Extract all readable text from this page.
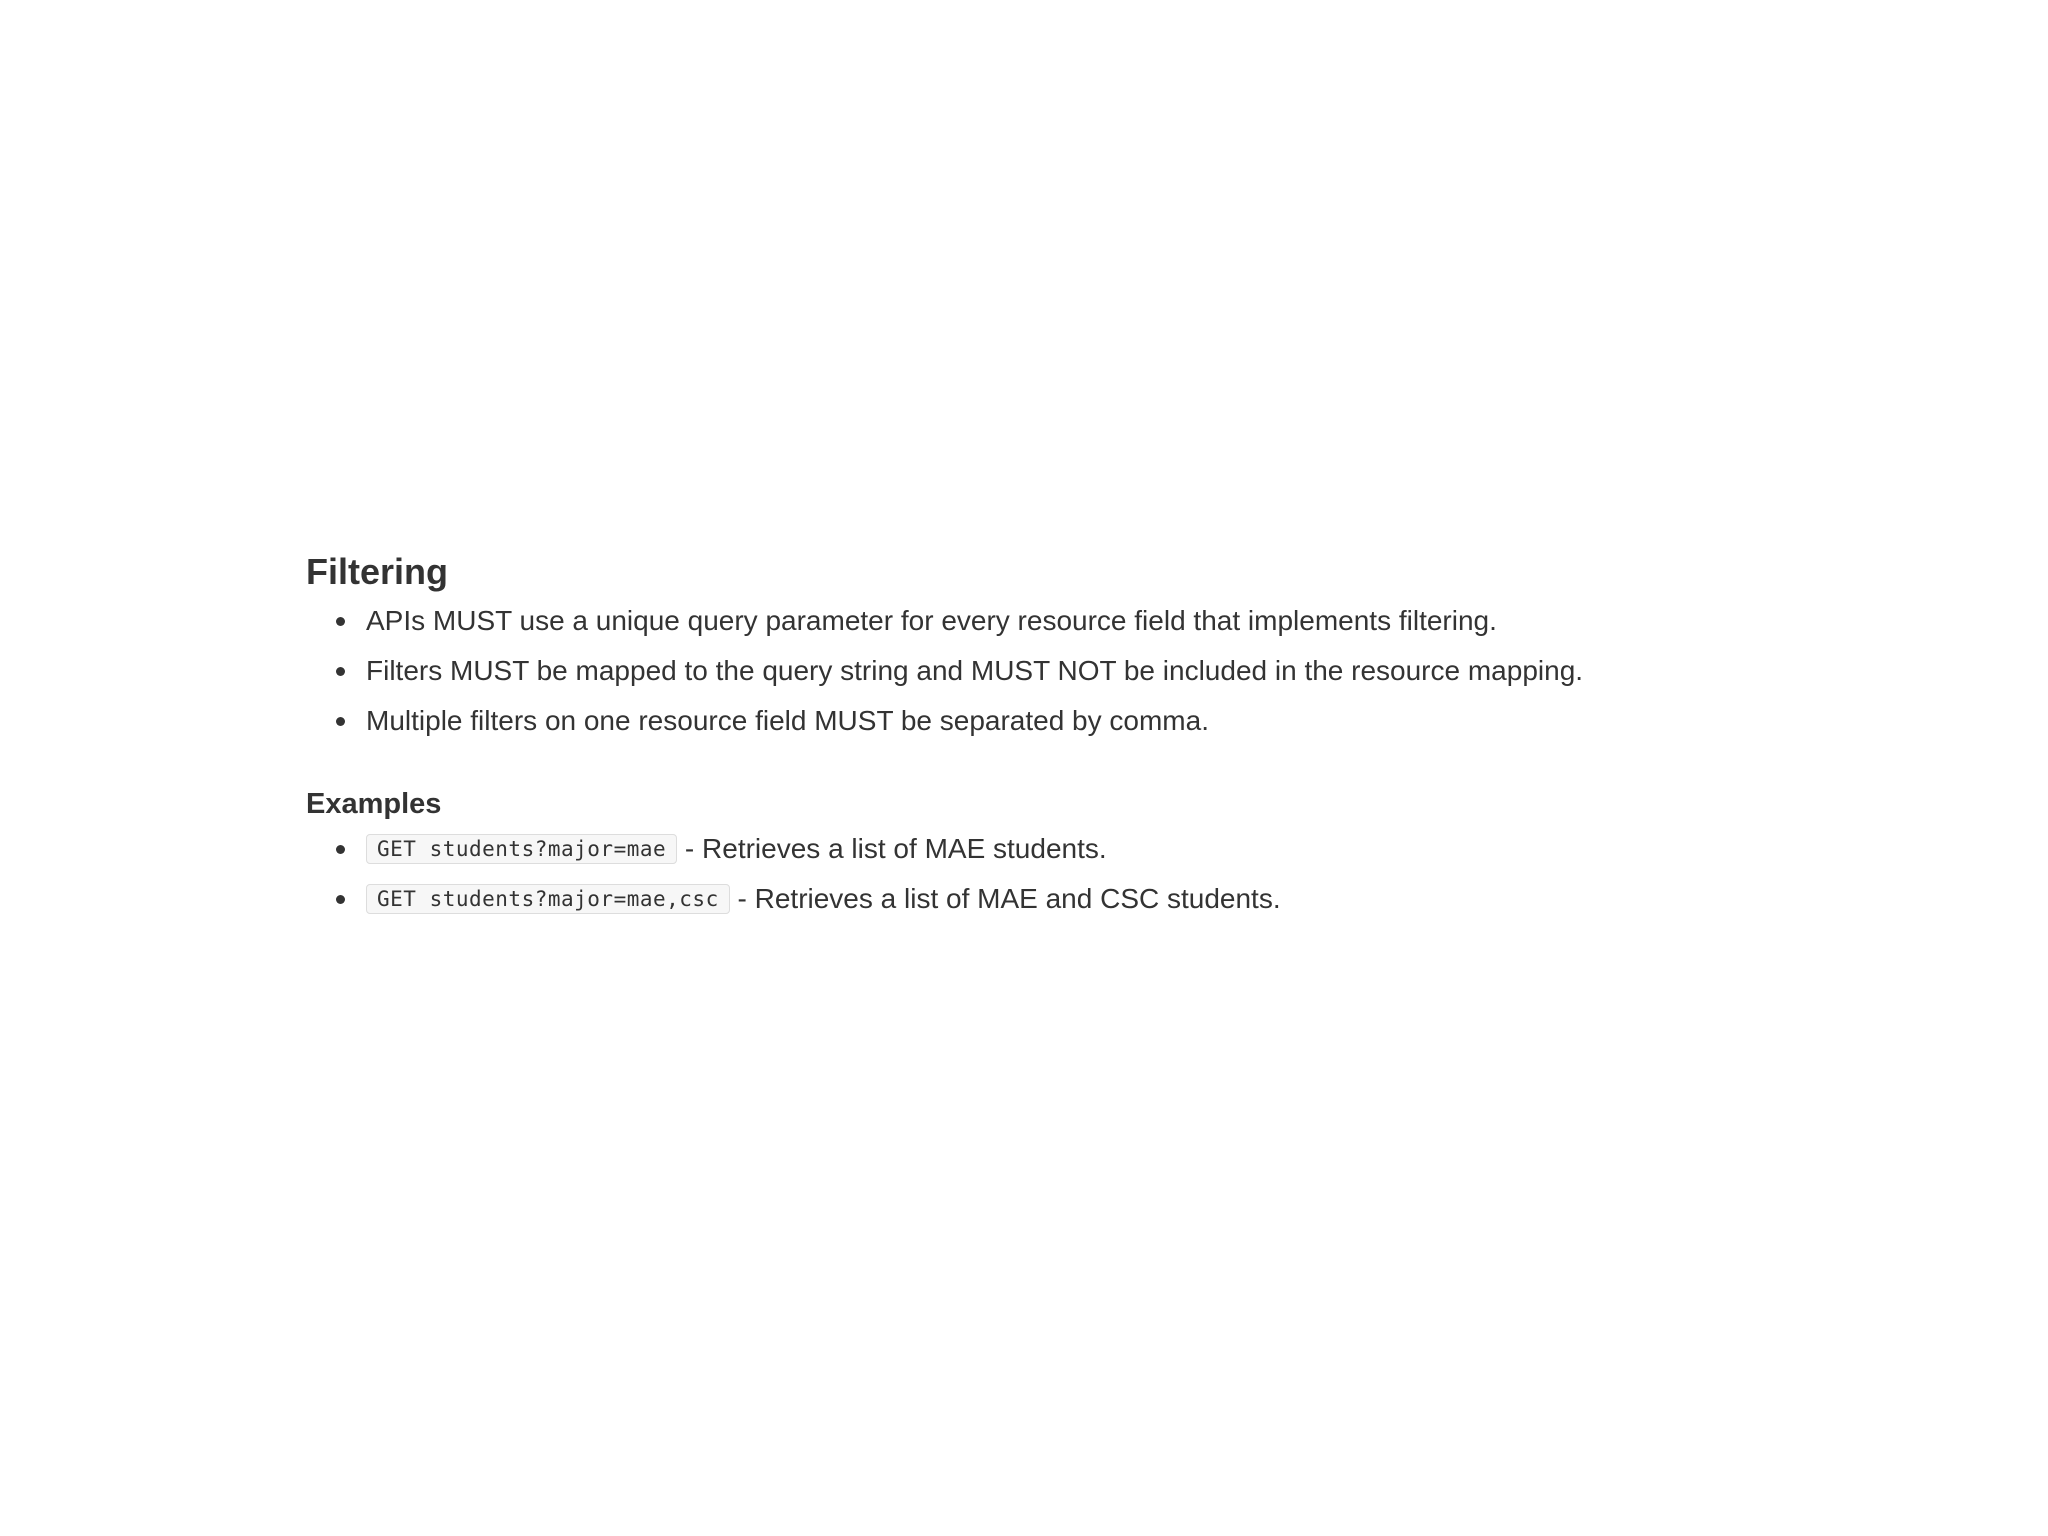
Filtering
APIs MUST use a unique query parameter for every resource field that implements filtering.
Filters MUST be mapped to the query string and MUST NOT be included in the resource mapping.
Multiple filters on one resource field MUST be separated by comma.
Examples
GET students?major=mae - Retrieves a list of MAE students.
GET students?major=mae,csc - Retrieves a list of MAE and CSC students.
